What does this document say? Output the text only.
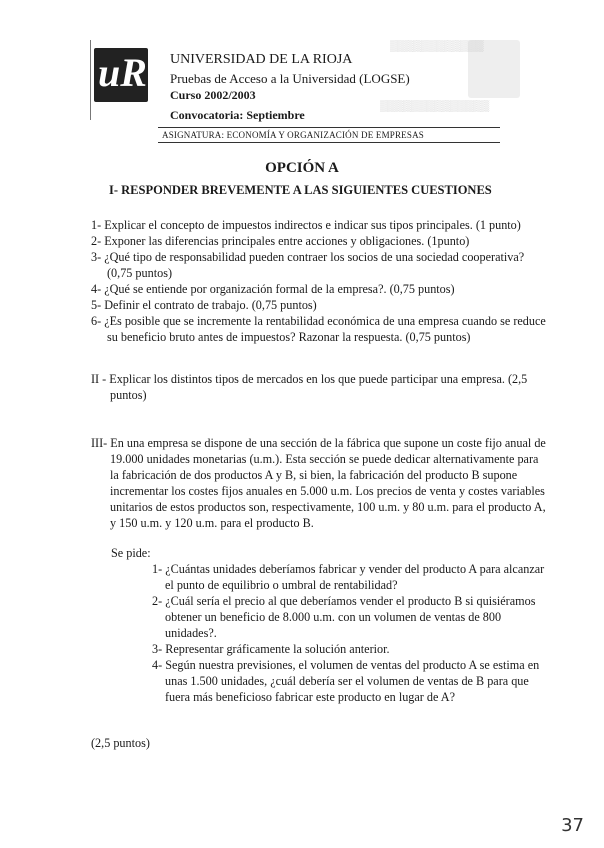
▒▒▒▒▒▒▒▒▒▒▒▒
▒▒▒▒▒▒▒▒▒▒▒▒▒▒
uR UNIVERSIDAD DE LA RIOJA
Pruebas de Acceso a la Universidad (LOGSE)
Curso 2002/2003
Convocatoria: Septiembre
ASIGNATURA: ECONOMÍA Y ORGANIZACIÓN DE EMPRESAS
OPCIÓN A
I- RESPONDER BREVEMENTE A LAS SIGUIENTES CUESTIONES
1- Explicar el concepto de impuestos indirectos e indicar sus tipos principales. (1 punto)
2- Exponer las diferencias principales entre acciones y obligaciones. (1punto)
3- ¿Qué tipo de responsabilidad pueden contraer los socios de una sociedad cooperativa?
(0,75 puntos)
4- ¿Qué se entiende por organización formal de la empresa?. (0,75 puntos)
5- Definir el contrato de trabajo. (0,75 puntos)
6- ¿Es posible que se incremente la rentabilidad económica de una empresa cuando se reduce
su beneficio bruto antes de impuestos? Razonar la respuesta. (0,75 puntos)
II - Explicar los distintos tipos de mercados en los que puede participar una empresa. (2,5
puntos)
III- En una empresa se dispone de una sección de la fábrica que supone un coste fijo anual de
19.000 unidades monetarias (u.m.). Esta sección se puede dedicar alternativamente para
la fabricación de dos productos A y B, si bien, la fabricación del producto B supone
incrementar los costes fijos anuales en 5.000 u.m. Los precios de venta y costes variables
unitarios de estos productos son, respectivamente, 100 u.m. y 80 u.m. para el producto A,
y 150 u.m. y 120 u.m. para el producto B.
Se pide:
1- ¿Cuántas unidades deberíamos fabricar y vender del producto A para alcanzar
el punto de equilibrio o umbral de rentabilidad?
2- ¿Cuál sería el precio al que deberíamos vender el producto B si quisiéramos
obtener un beneficio de 8.000 u.m. con un volumen de ventas de 800
unidades?.
3- Representar gráficamente la solución anterior.
4- Según nuestra previsiones, el volumen de ventas del producto A se estima en
unas 1.500 unidades, ¿cuál debería ser el volumen de ventas de B para que
fuera más beneficioso fabricar este producto en lugar de A?
(2,5 puntos)
37
